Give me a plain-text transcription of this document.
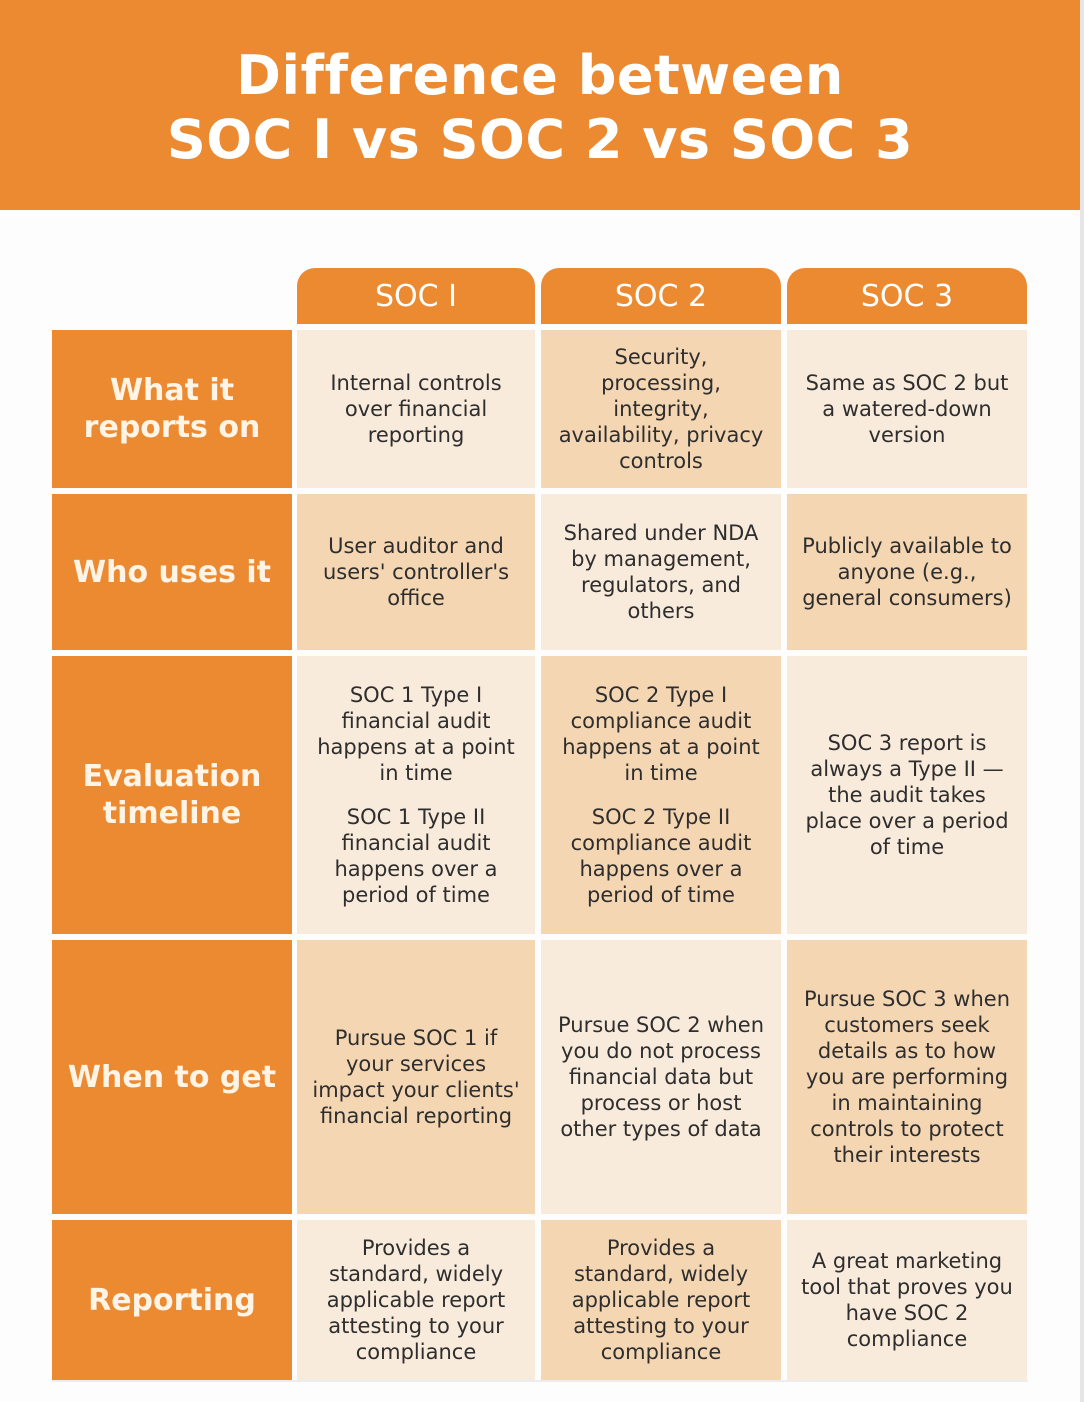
Difference between
SOC I vs SOC 2 vs SOC 3
SOC I	SOC 2	SOC 3
What it reports on
Internal controls over financial reporting
Security, processing, integrity, availability, privacy controls
Same as SOC 2 but a watered-down version
Who uses it
User auditor and users' controller's office
Shared under NDA by management, regulators, and others
Publicly available to anyone (e.g., general consumers)
Evaluation timeline
SOC 1 Type I financial audit happens at a point in time
SOC 1 Type II financial audit happens over a period of time
SOC 2 Type I compliance audit happens at a point in time
SOC 2 Type II compliance audit happens over a period of time
SOC 3 report is always a Type II — the audit takes place over a period of time
When to get
Pursue SOC 1 if your services impact your clients' financial reporting
Pursue SOC 2 when you do not process financial data but process or host other types of data
Pursue SOC 3 when customers seek details as to how you are performing in maintaining controls to protect their interests
Reporting
Provides a standard, widely applicable report attesting to your compliance
Provides a standard, widely applicable report attesting to your compliance
A great marketing tool that proves you have SOC 2 compliance
